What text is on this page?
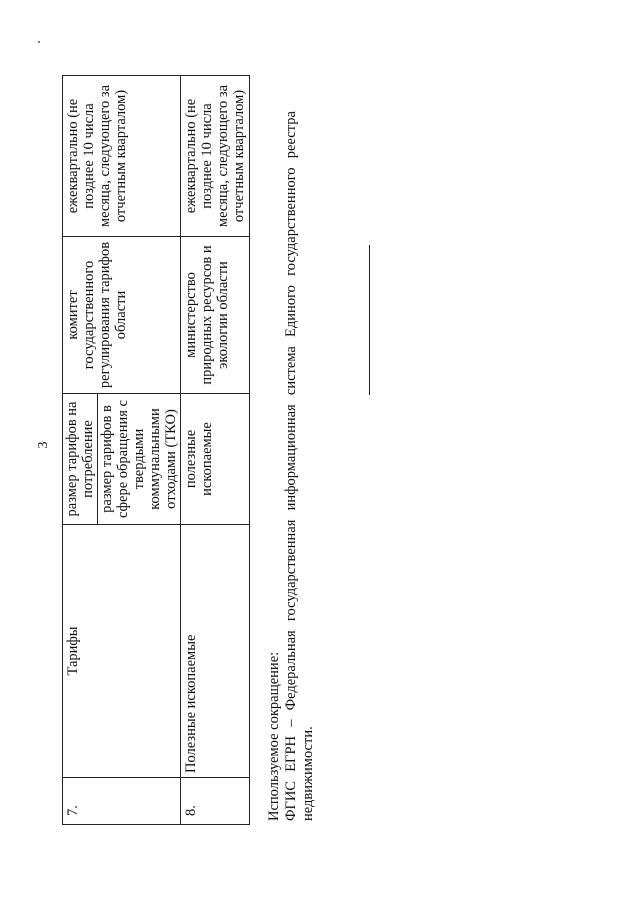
3
7.	Тарифы	размер тарифов на потребление	комитет государственного регулирования тарифов области	ежеквартально (не позднее 10 числа месяца, следующего за отчетным кварталом)
		размер тарифов в сфере обращения с твердыми коммунальными отходами (ТКО)		
8.	Полезные ископаемые	полезные ископаемые	министерство природных ресурсов и экологии области	ежеквартально (не позднее 10 числа месяца, следующего за отчетным кварталом)
Используемое сокращение: ФГИС
ЕГРН
–
Федеральная
государственная
информационная
система
Единого
государственного
реестра
недвижимости.
